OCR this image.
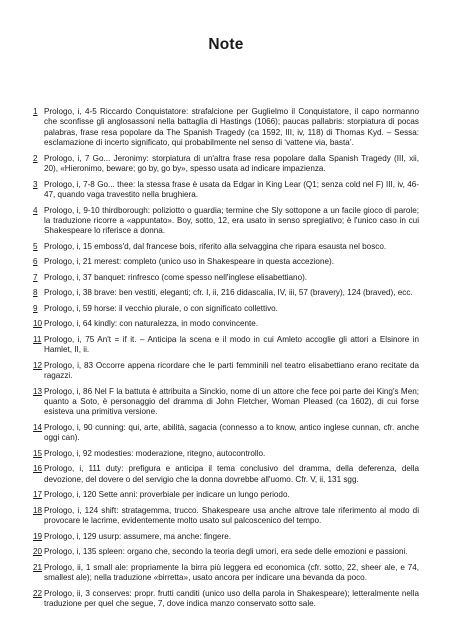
Note
1 Prologo, i, 4-5 Riccardo Conquistatore: strafalcione per Guglielmo il Conquistatore, il capo normanno che sconfisse gli anglosassoni nella battaglia di Hastings (1066); paucas pallabris: storpiatura di pocas palabras, frase resa popolare da The Spanish Tragedy (ca 1592, III, iv, 118) di Thomas Kyd. – Sessa: esclamazione di incerto significato, qui probabilmente nel senso di ‘vattene via, basta’.
2 Prologo, i, 7 Go... Jeronimy: storpiatura di un'altra frase resa popolare dalla Spanish Tragedy (III, xii, 20), «Hieronimo, beware; go by, go by», spesso usata ad indicare impazienza.
3 Prologo, i, 7-8 Go... thee: la stessa frase è usata da Edgar in King Lear (Q1; senza cold nel F) III, iv, 46-47, quando vaga travestito nella brughiera.
4 Prologo, i, 9-10 thirdborough: poliziotto o guardia; termine che Sly sottopone a un facile gioco di parole; la traduzione ricorre a «appuntato». Boy, sotto, 12, era usato in senso spregiativo; è l'unico caso in cui Shakespeare lo riferisce a donna.
5 Prologo, i, 15 emboss'd, dal francese bois, riferito alla selvaggina che ripara esausta nel bosco.
6 Prologo, i, 21 merest: completo (unico uso in Shakespeare in questa accezione).
7 Prologo, i, 37 banquet: rinfresco (come spesso nell'inglese elisabettiano).
8 Prologo, i, 38 brave: ben vestiti, eleganti; cfr. I, ii, 216 didascalia, IV, iii, 57 (bravery), 124 (braved), ecc.
9 Prologo, i, 59 horse: il vecchio plurale, o con significato collettivo.
10 Prologo, i, 64 kindly: con naturalezza, in modo convincente.
11 Prologo, i, 75 An't = if it. – Anticipa la scena e il modo in cui Amleto accoglie gli attori a Elsinore in Hamlet, II, ii.
12 Prologo, i, 83 Occorre appena ricordare che le parti femminili nel teatro elisabettiano erano recitate da ragazzi.
13 Prologo, i, 86 Nel F la battuta è attribuita a Sinckio, nome di un attore che fece poi parte dei King's Men; quanto a Soto, è personaggio del dramma di John Fletcher, Woman Pleased (ca 1602), di cui forse esisteva una primitiva versione.
14 Prologo, i, 90 cunning: qui, arte, abilità, sagacia (connesso a to know, antico inglese cunnan, cfr. anche oggi can).
15 Prologo, i, 92 modesties: moderazione, ritegno, autocontrollo.
16 Prologo, i, 111 duty: prefigura e anticipa il tema conclusivo del dramma, della deferenza, della devozione, del dovere o del servigio che la donna dovrebbe all'uomo. Cfr. V, ii, 131 sgg.
17 Prologo, i, 120 Sette anni: proverbiale per indicare un lungo periodo.
18 Prologo, i, 124 shift: stratagemma, trucco. Shakespeare usa anche altrove tale riferimento al modo di provocare le lacrime, evidentemente molto usato sul palcoscenico del tempo.
19 Prologo, i, 129 usurp: assumere, ma anche: fingere.
20 Prologo, i, 135 spleen: organo che, secondo la teoria degli umori, era sede delle emozioni e passioni.
21 Prologo, ii, 1 small ale: propriamente la birra più leggera ed economica (cfr. sotto, 22, sheer ale, e 74, smallest ale); nella traduzione «birretta», usato ancora per indicare una bevanda da poco.
22 Prologo, ii, 3 conserves: propr. frutti canditi (unico uso della parola in Shakespeare); letteralmente nella traduzione per quel che segue, 7, dove indica manzo conservato sotto sale.
